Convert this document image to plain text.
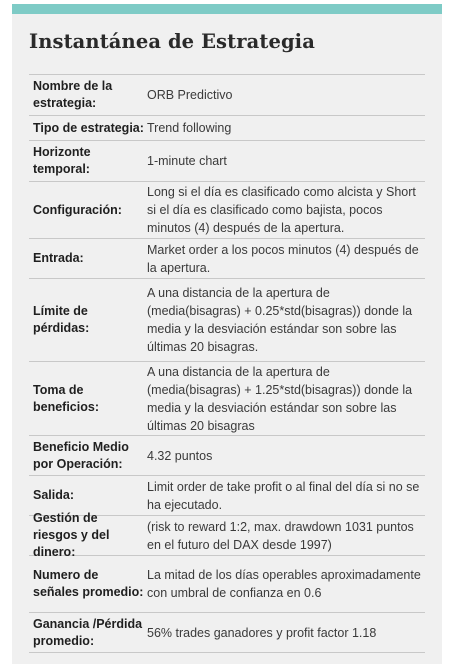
Instantánea de Estrategia
Nombre de la estrategia:
ORB Predictivo
Tipo de estrategia: Trend following
Horizonte temporal:
1-minute chart
Configuración:
Long si el día es clasificado como alcista y Short si el día es clasificado como bajista, pocos minutos (4) después de la apertura.
Entrada:
Market order a los pocos minutos (4) después de la apertura.
Límite de pérdidas:
A una distancia de la apertura de (media(bisagras) + 0.25*std(bisagras)) donde la media y la desviación estándar son sobre las últimas 20 bisagras.
Toma de beneficios:
A una distancia de la apertura de (media(bisagras) + 1.25*std(bisagras)) donde la media y la desviación estándar son sobre las últimas 20 bisagras
Beneficio Medio por Operación:
4.32 puntos
Salida:
Limit order de take profit o al final del día si no se ha ejecutado.
Gestión de riesgos y del dinero:
(risk to reward 1:2, max. drawdown 1031 puntos en el futuro del DAX desde 1997)
Numero de señales promedio:
La mitad de los días operables aproximadamente con umbral de confianza en 0.6
Ganancia /Pérdida promedio:
56% trades ganadores y profit factor 1.18
